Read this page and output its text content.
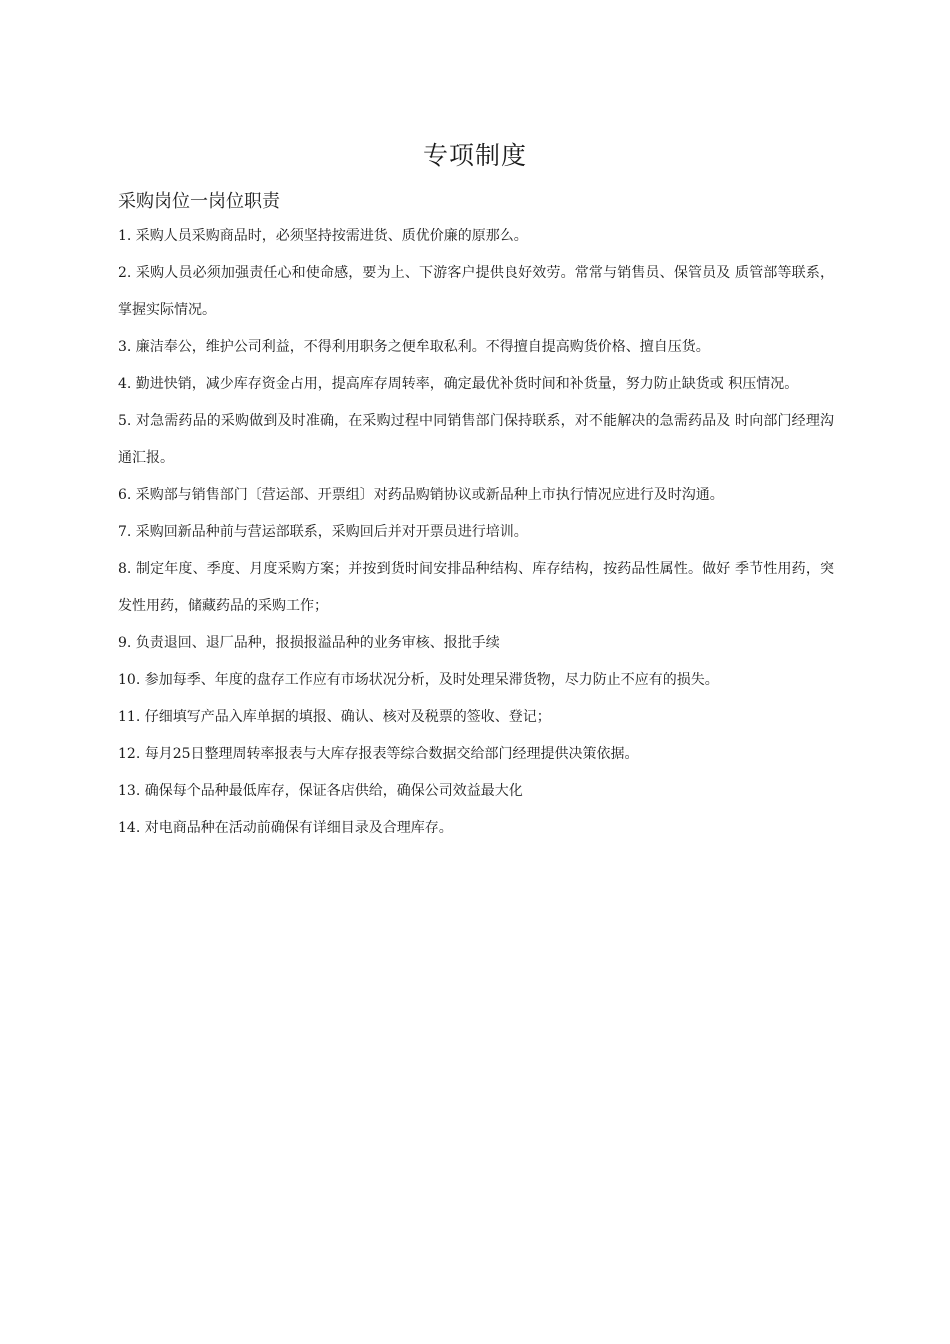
专项制度
采购岗位一岗位职责
1. 采购人员采购商品时，必须坚持按需进货、质优价廉的原那么。
2. 采购人员必须加强责任心和使命感，要为上、下游客户提供良好效劳。常常与销售员、保管员及 质管部等联系，掌握实际情况。
3. 廉洁奉公，维护公司利益，不得利用职务之便牟取私利。不得擅自提高购货价格、擅自压货。
4. 勤进快销，减少库存资金占用，提高库存周转率，确定最优补货时间和补货量，努力防止缺货或 积压情况。
5. 对急需药品的采购做到及时准确，在采购过程中同销售部门保持联系，对不能解决的急需药品及 时向部门经理沟通汇报。
6. 采购部与销售部门〔营运部、开票组〕对药品购销协议或新品种上市执行情况应进行及时沟通。
7. 采购回新品种前与营运部联系，采购回后并对开票员进行培训。
8. 制定年度、季度、月度采购方案；并按到货时间安排品种结构、库存结构，按药品性属性。做好 季节性用药，突发性用药，储藏药品的采购工作；
9. 负责退回、退厂品种，报损报溢品种的业务审核、报批手续
10. 参加每季、年度的盘存工作应有市场状况分析，及时处理呆滞货物，尽力防止不应有的损失。
11. 仔细填写产品入库单据的填报、确认、核对及税票的签收、登记；
12. 每月25日整理周转率报表与大库存报表等综合数据交给部门经理提供决策依据。
13. 确保每个品种最低库存，保证各店供给，确保公司效益最大化
14. 对电商品种在活动前确保有详细目录及合理库存。
